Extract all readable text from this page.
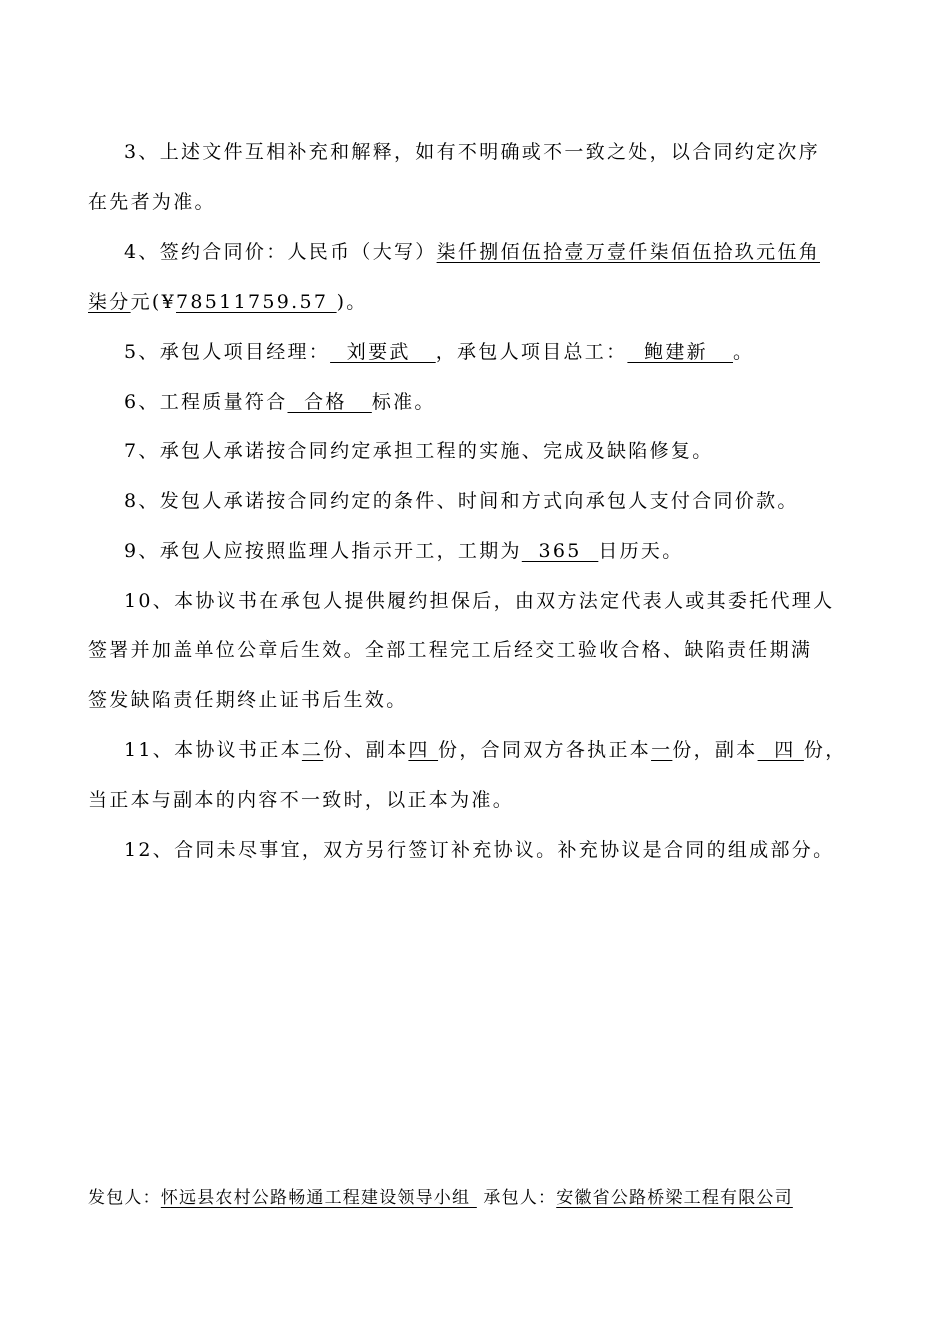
3、上述文件互相补充和解释，如有不明确或不一致之处，以合同约定次序
在先者为准。
4、签约合同价：人民币（大写）柒仟捌佰伍拾壹万壹仟柒佰伍拾玖元伍角
柒分元(¥78511759.57 )。
5、承包人项目经理：  刘要武   ，承包人项目总工：  鲍建新   。
6、工程质量符合  合格   标准。
7、承包人承诺按合同约定承担工程的实施、完成及缺陷修复。
8、发包人承诺按合同约定的条件、时间和方式向承包人支付合同价款。
9、承包人应按照监理人指示开工，工期为  365  日历天。
10、本协议书在承包人提供履约担保后，由双方法定代表人或其委托代理人
签署并加盖单位公章后生效。全部工程完工后经交工验收合格、缺陷责任期满
签发缺陷责任期终止证书后生效。
11、本协议书正本二份、副本四 份，合同双方各执正本一份，副本  四 份，
当正本与副本的内容不一致时，以正本为准。
12、合同未尽事宜，双方另行签订补充协议。补充协议是合同的组成部分。
发包人：怀远县农村公路畅通工程建设领导小组  承包人：安徽省公路桥梁工程有限公司
